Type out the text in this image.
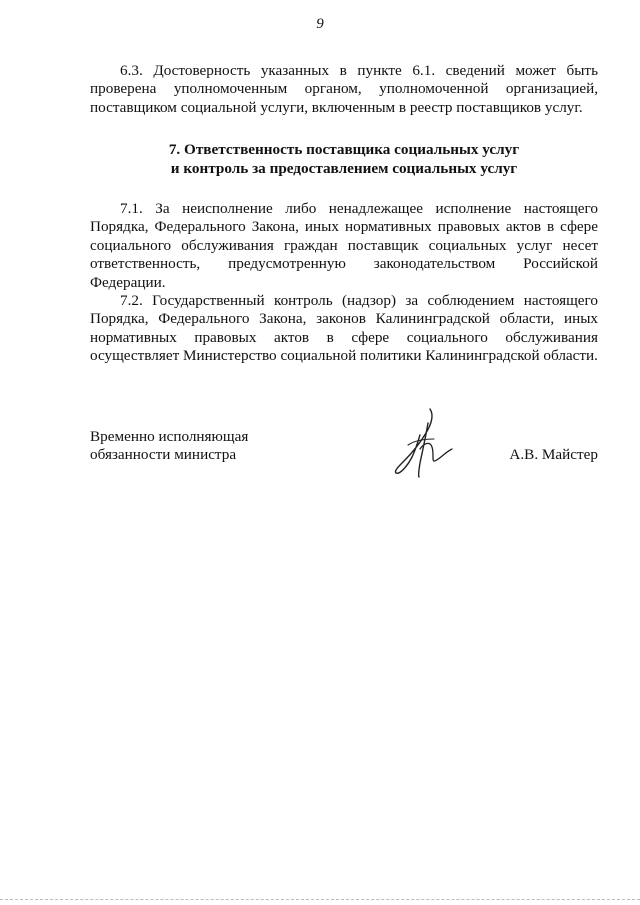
9

6.3. Достоверность указанных в пункте 6.1. сведений может быть проверена уполномоченным органом, уполномоченной организацией, поставщиком социальной услуги, включенным в реестр поставщиков услуг.

7. Ответственность поставщика социальных услуг
и контроль за предоставлением социальных услуг

7.1. За неисполнение либо ненадлежащее исполнение настоящего Порядка, Федерального Закона, иных нормативных правовых актов в сфере социального обслуживания граждан поставщик социальных услуг несет ответственность, предусмотренную законодательством Российской Федерации.

7.2. Государственный контроль (надзор) за соблюдением настоящего Порядка, Федерального Закона, законов Калининградской области, иных нормативных правовых актов в сфере социального обслуживания осуществляет Министерство социальной политики Калининградской области.

Временно исполняющая
обязанности министра	А.В. Майстер
